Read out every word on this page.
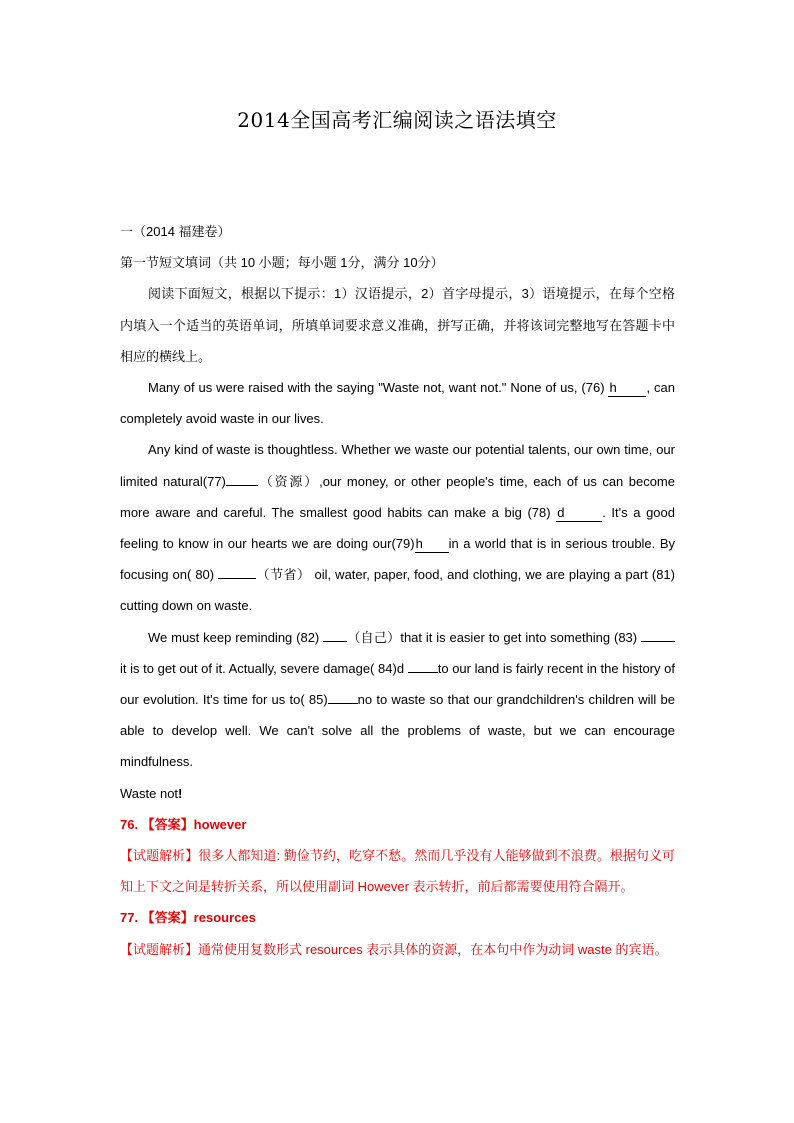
2014全国高考汇编阅读之语法填空

一（2014 福建卷）

第一节短文填词（共 10 小题；每小题 1分，满分 10分）

阅读下面短文，根据以下提示：1）汉语提示，2）首字母提示，3）语境提示，在每个空格内填入一个适当的英语单词，所填单词要求意义准确，拼写正确，并将该词完整地写在答题卡中相应的横线上。

Many of us were raised with the saying "Waste not, want not." None of us, (76) h , can completely avoid waste in our lives.

Any kind of waste is thoughtless. Whether we waste our potential talents, our own time, our limited natural(77) （资源）,our money, or other people's time, each of us can become more aware and careful. The smallest good habits can make a big (78) d	. It's a good feeling to know in our hearts we are doing our(79)h in a world that is in serious trouble. By focusing on( 80)	（节省） oil, water, paper, food, and clothing, we are playing a part (81) cutting down on waste.

We must keep reminding (82) （自己）that it is easier to get into something (83) it is to get out of it. Actually, severe damage( 84)d to our land is fairly recent in the history of our evolution. It's time for us to( 85) no to waste so that our grandchildren's children will be able to develop well. We can't solve all the problems of waste, but we can encourage mindfulness.

Waste not!

76. 【答案】however

【试题解析】很多人都知道: 勤俭节约，吃穿不愁。然而几乎没有人能够做到不浪费。根据句义可知上下文之间是转折关系，所以使用副词 However 表示转折，前后都需要使用符合隔开。

77. 【答案】resources

【试题解析】通常使用复数形式 resources 表示具体的资源，在本句中作为动词 waste 的宾语。
